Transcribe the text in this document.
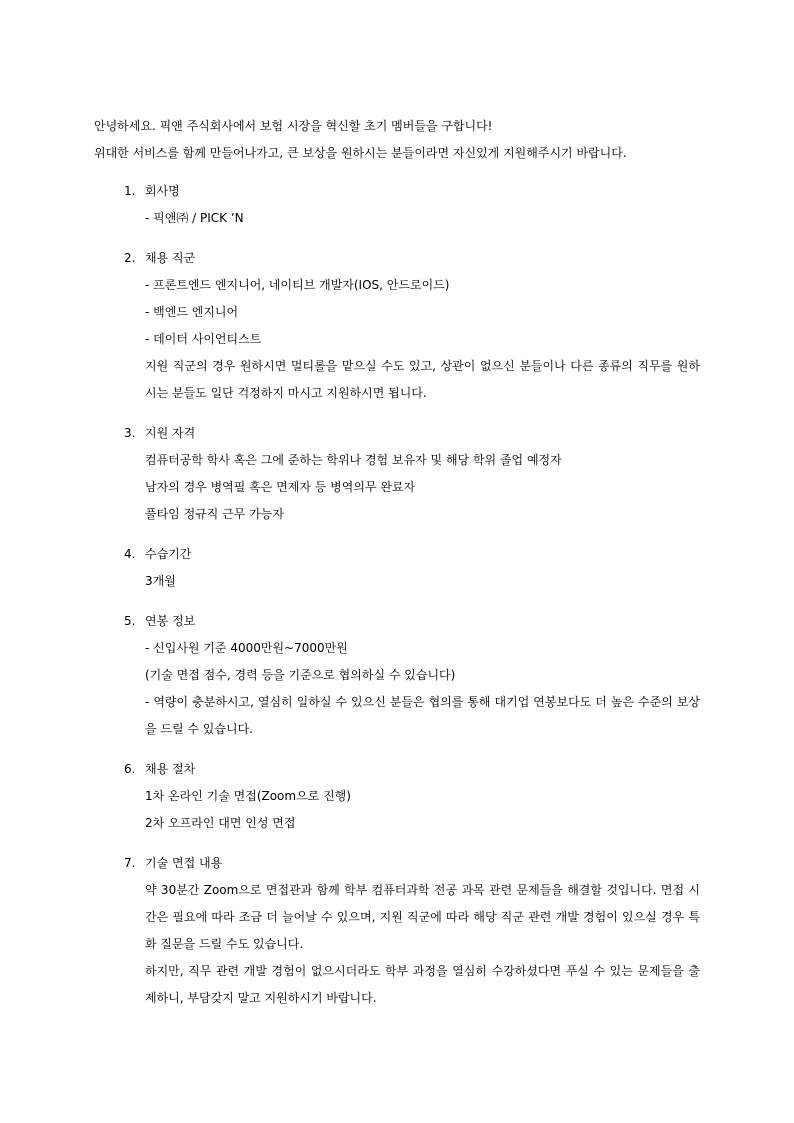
안녕하세요. 픽앤 주식회사에서 보험 시장을 혁신할 초기 멤버들을 구합니다!
위대한 서비스를 함께 만들어나가고, 큰 보상을 원하시는 분들이라면 자신있게 지원해주시기 바랍니다.
1. 회사명
- 픽앤㈜ / PICK ’N
2. 채용 직군
- 프론트엔드 엔지니어, 네이티브 개발자(IOS, 안드로이드)
- 백엔드 엔지니어
- 데이터 사이언티스트
지원 직군의 경우 원하시면 멀티롤을 맡으실 수도 있고, 상관이 없으신 분들이나 다른 종류의 직무를 원하시는 분들도 일단 걱정하지 마시고 지원하시면 됩니다.
3. 지원 자격
컴퓨터공학 학사 혹은 그에 준하는 학위나 경험 보유자 및 해당 학위 졸업 예정자
남자의 경우 병역필 혹은 면제자 등 병역의무 완료자
풀타임 정규직 근무 가능자
4. 수습기간
3개월
5. 연봉 정보
- 신입사원 기준 4000만원~7000만원
(기술 면접 점수, 경력 등을 기준으로 협의하실 수 있습니다)
- 역량이 충분하시고, 열심히 일하실 수 있으신 분들은 협의를 통해 대기업 연봉보다도 더 높은 수준의 보상을 드릴 수 있습니다.
6. 채용 절차
1차 온라인 기술 면접(Zoom으로 진행)
2차 오프라인 대면 인성 면접
7. 기술 면접 내용
약 30분간 Zoom으로 면접관과 함께 학부 컴퓨터과학 전공 과목 관련 문제들을 해결할 것입니다. 면접 시간은 필요에 따라 조금 더 늘어날 수 있으며, 지원 직군에 따라 해당 직군 관련 개발 경험이 있으실 경우 특화 질문을 드릴 수도 있습니다.
하지만, 직무 관련 개발 경험이 없으시더라도 학부 과정을 열심히 수강하셨다면 푸실 수 있는 문제들을 출제하니, 부담갖지 말고 지원하시기 바랍니다.
